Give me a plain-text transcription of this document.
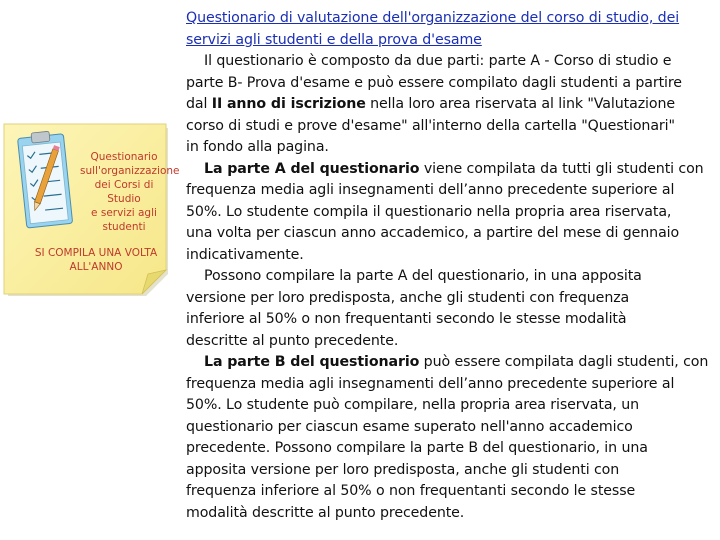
Questionario
sull'organizzazione
dei Corsi di Studio
e servizi agli
studenti
SI COMPILA UNA VOLTA
ALL'ANNO
Questionario di valutazione dell'organizzazione del corso di studio, dei
servizi agli studenti e della prova d'esame
Il questionario è composto da due parti: parte A - Corso di studio e
parte B- Prova d'esame e può essere compilato dagli studenti a partire
dal II anno di iscrizione nella loro area riservata al link "Valutazione
corso di studi e prove d'esame" all'interno della cartella "Questionari"
in fondo alla pagina.
La parte A del questionario viene compilata da tutti gli studenti con
frequenza media agli insegnamenti dell’anno precedente superiore al
50%. Lo studente compila il questionario nella propria area riservata,
una volta per ciascun anno accademico, a partire del mese di gennaio
indicativamente.
Possono compilare la parte A del questionario, in una apposita
versione per loro predisposta, anche gli studenti con frequenza
inferiore al 50% o non frequentanti secondo le stesse modalità
descritte al punto precedente.
La parte B del questionario può essere compilata dagli studenti, con
frequenza media agli insegnamenti dell’anno precedente superiore al
50%. Lo studente può compilare, nella propria area riservata, un
questionario per ciascun esame superato nell'anno accademico
precedente. Possono compilare la parte B del questionario, in una
apposita versione per loro predisposta, anche gli studenti con
frequenza inferiore al 50% o non frequentanti secondo le stesse
modalità descritte al punto precedente.
